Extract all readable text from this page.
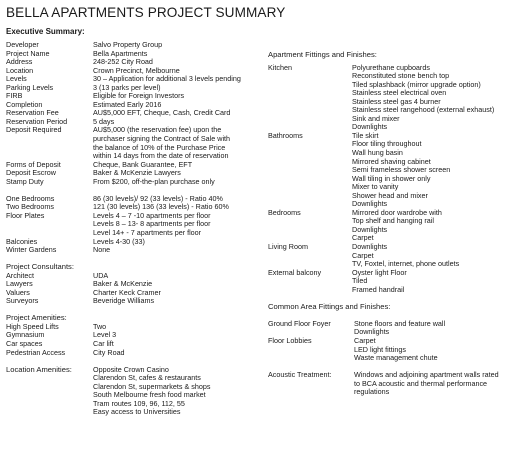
BELLA APARTMENTS PROJECT SUMMARY
Executive Summary:
Developer	Salvo Property Group
Project Name	Bella Apartments
Address	248-252 City Road
Location	Crown Precinct, Melbourne
Levels	30 – Application for additional 3 levels pending
Parking Levels	3 (13 parks per level)
FIRB	Eligible for Foreign Investors
Completion	Estimated Early 2016
Reservation Fee	AU$5,000 EFT, Cheque, Cash, Credit Card
Reservation Period	5 days
Deposit Required	AU$5,000 (the reservation fee) upon the
purchaser signing the Contract of Sale with
the balance of 10% of the Purchase Price
within 14 days from the date of reservation
Forms of Deposit	Cheque, Bank Guarantee, EFT
Deposit Escrow	Baker & McKenzie Lawyers
Stamp Duty	From $200, off-the-plan purchase only
One Bedrooms	86 (30 levels)/ 92 (33 levels) - Ratio 40%
Two Bedrooms	121 (30 levels) 136 (33 levels) - Ratio 60%
Floor Plates	Levels 4 – 7 -10 apartments per floor
Levels 8 – 13- 8 apartments per floor
Level 14+ - 7 apartments per floor
Balconies	Levels 4-30 (33)
Winter Gardens	None
Project Consultants:
Architect	UDA
Lawyers	Baker & McKenzie
Valuers	Charter Keck Cramer
Surveyors	Beveridge Williams
Project Amenities:
High Speed Lifts	Two
Gymnasium	Level 3
Car spaces	Car lift
Pedestrian Access	City Road
Location Amenities:	Opposite Crown Casino
Clarendon St, cafes & restaurants
Clarendon St, supermarkets & shops
South Melbourne fresh food market
Tram routes 109, 96, 112, 55
Easy access to Universities
Apartment Fittings and Finishes:
Kitchen	Polyurethane cupboards
Reconstituted stone bench top
Tiled splashback (mirror upgrade option)
Stainless steel electrical oven
Stainless steel gas 4 burner
Stainless steel rangehood (external exhaust)
Sink and mixer
Downlights
Bathrooms	Tile skirt
Floor tiling throughout
Wall hung basin
Mirrored shaving cabinet
Semi frameless shower screen
Wall tiling in shower only
Mixer to vanity
Shower head and mixer
Downlights
Bedrooms	Mirrored door wardrobe with
Top shelf and hanging rail
Downlights
Carpet
Living Room	Downlights
Carpet
TV, Foxtel, internet, phone outlets
External balcony	Oyster light Floor
Tiled
Framed handrail
Common Area Fittings and Finishes:
Ground Floor Foyer	Stone floors and feature wall
Downlights
Floor Lobbies	Carpet
LED light fittings
Waste management chute
Acoustic Treatment:	Windows and adjoining apartment walls rated
to BCA acoustic and thermal performance
regulations
